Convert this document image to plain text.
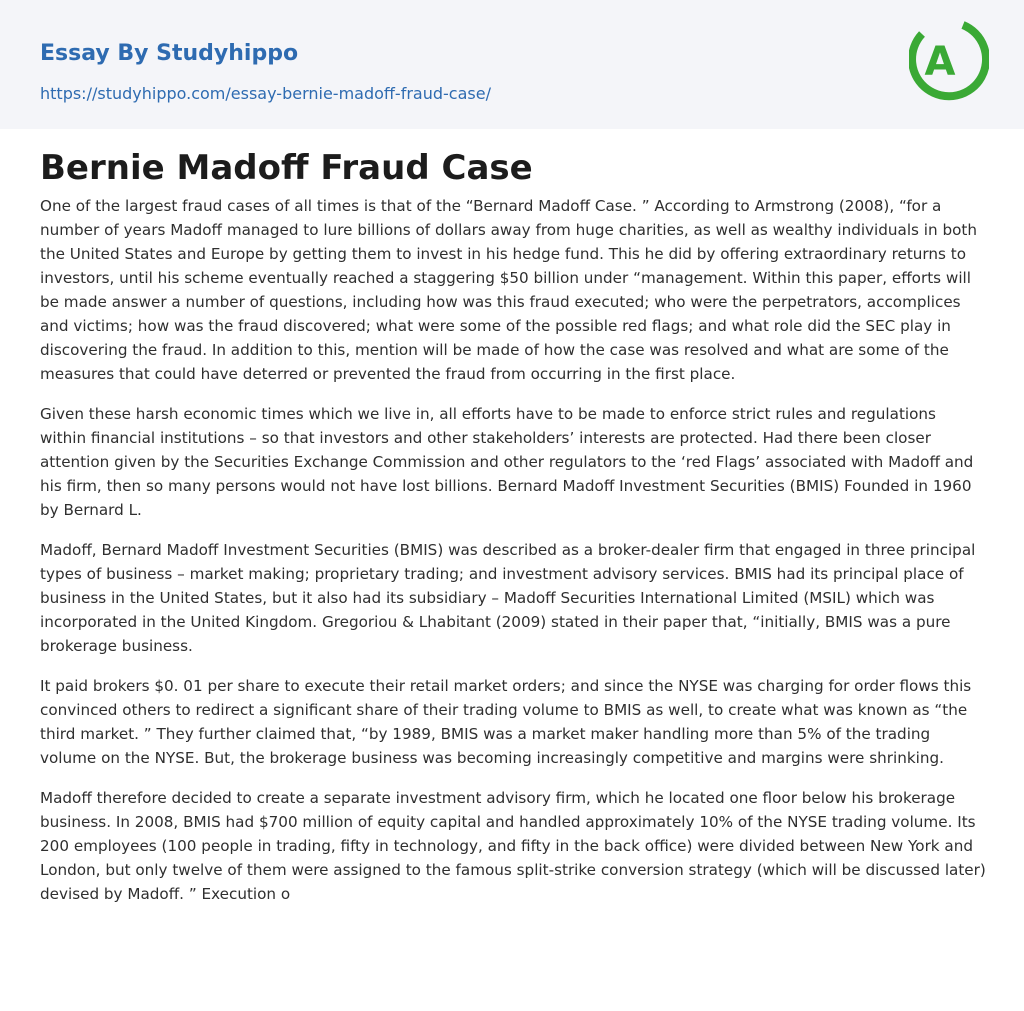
Essay By Studyhippo
https://studyhippo.com/essay-bernie-madoff-fraud-case/
A
Bernie Madoff Fraud Case

One of the largest fraud cases of all times is that of the “Bernard Madoff Case. ” According to Armstrong (2008), “for a number of years Madoff managed to lure billions of dollars away from huge charities, as well as wealthy individuals in both the United States and Europe by getting them to invest in his hedge fund. This he did by offering extraordinary returns to investors, until his scheme eventually reached a staggering $50 billion under “management. Within this paper, efforts will be made answer a number of questions, including how was this fraud executed; who were the perpetrators, accomplices and victims; how was the fraud discovered; what were some of the possible red flags; and what role did the SEC play in discovering the fraud. In addition to this, mention will be made of how the case was resolved and what are some of the measures that could have deterred or prevented the fraud from occurring in the first place.

Given these harsh economic times which we live in, all efforts have to be made to enforce strict rules and regulations within financial institutions – so that investors and other stakeholders’ interests are protected. Had there been closer attention given by the Securities Exchange Commission and other regulators to the ‘red Flags’ associated with Madoff and his firm, then so many persons would not have lost billions. Bernard Madoff Investment Securities (BMIS) Founded in 1960 by Bernard L.

Madoff, Bernard Madoff Investment Securities (BMIS) was described as a broker-dealer firm that engaged in three principal types of business – market making; proprietary trading; and investment advisory services. BMIS had its principal place of business in the United States, but it also had its subsidiary – Madoff Securities International Limited (MSIL) which was incorporated in the United Kingdom. Gregoriou & Lhabitant (2009) stated in their paper that, “initially, BMIS was a pure brokerage business.

It paid brokers $0. 01 per share to execute their retail market orders; and since the NYSE was charging for order flows this convinced others to redirect a significant share of their trading volume to BMIS as well, to create what was known as “the third market. ” They further claimed that, “by 1989, BMIS was a market maker handling more than 5% of the trading volume on the NYSE. But, the brokerage business was becoming increasingly competitive and margins were shrinking.

Madoff therefore decided to create a separate investment advisory firm, which he located one floor below his brokerage business. In 2008, BMIS had $700 million of equity capital and handled approximately 10% of the NYSE trading volume. Its 200 employees (100 people in trading, fifty in technology, and fifty in the back office) were divided between New York and London, but only twelve of them were assigned to the famous split-strike conversion strategy (which will be discussed later) devised by Madoff. ” Execution o
